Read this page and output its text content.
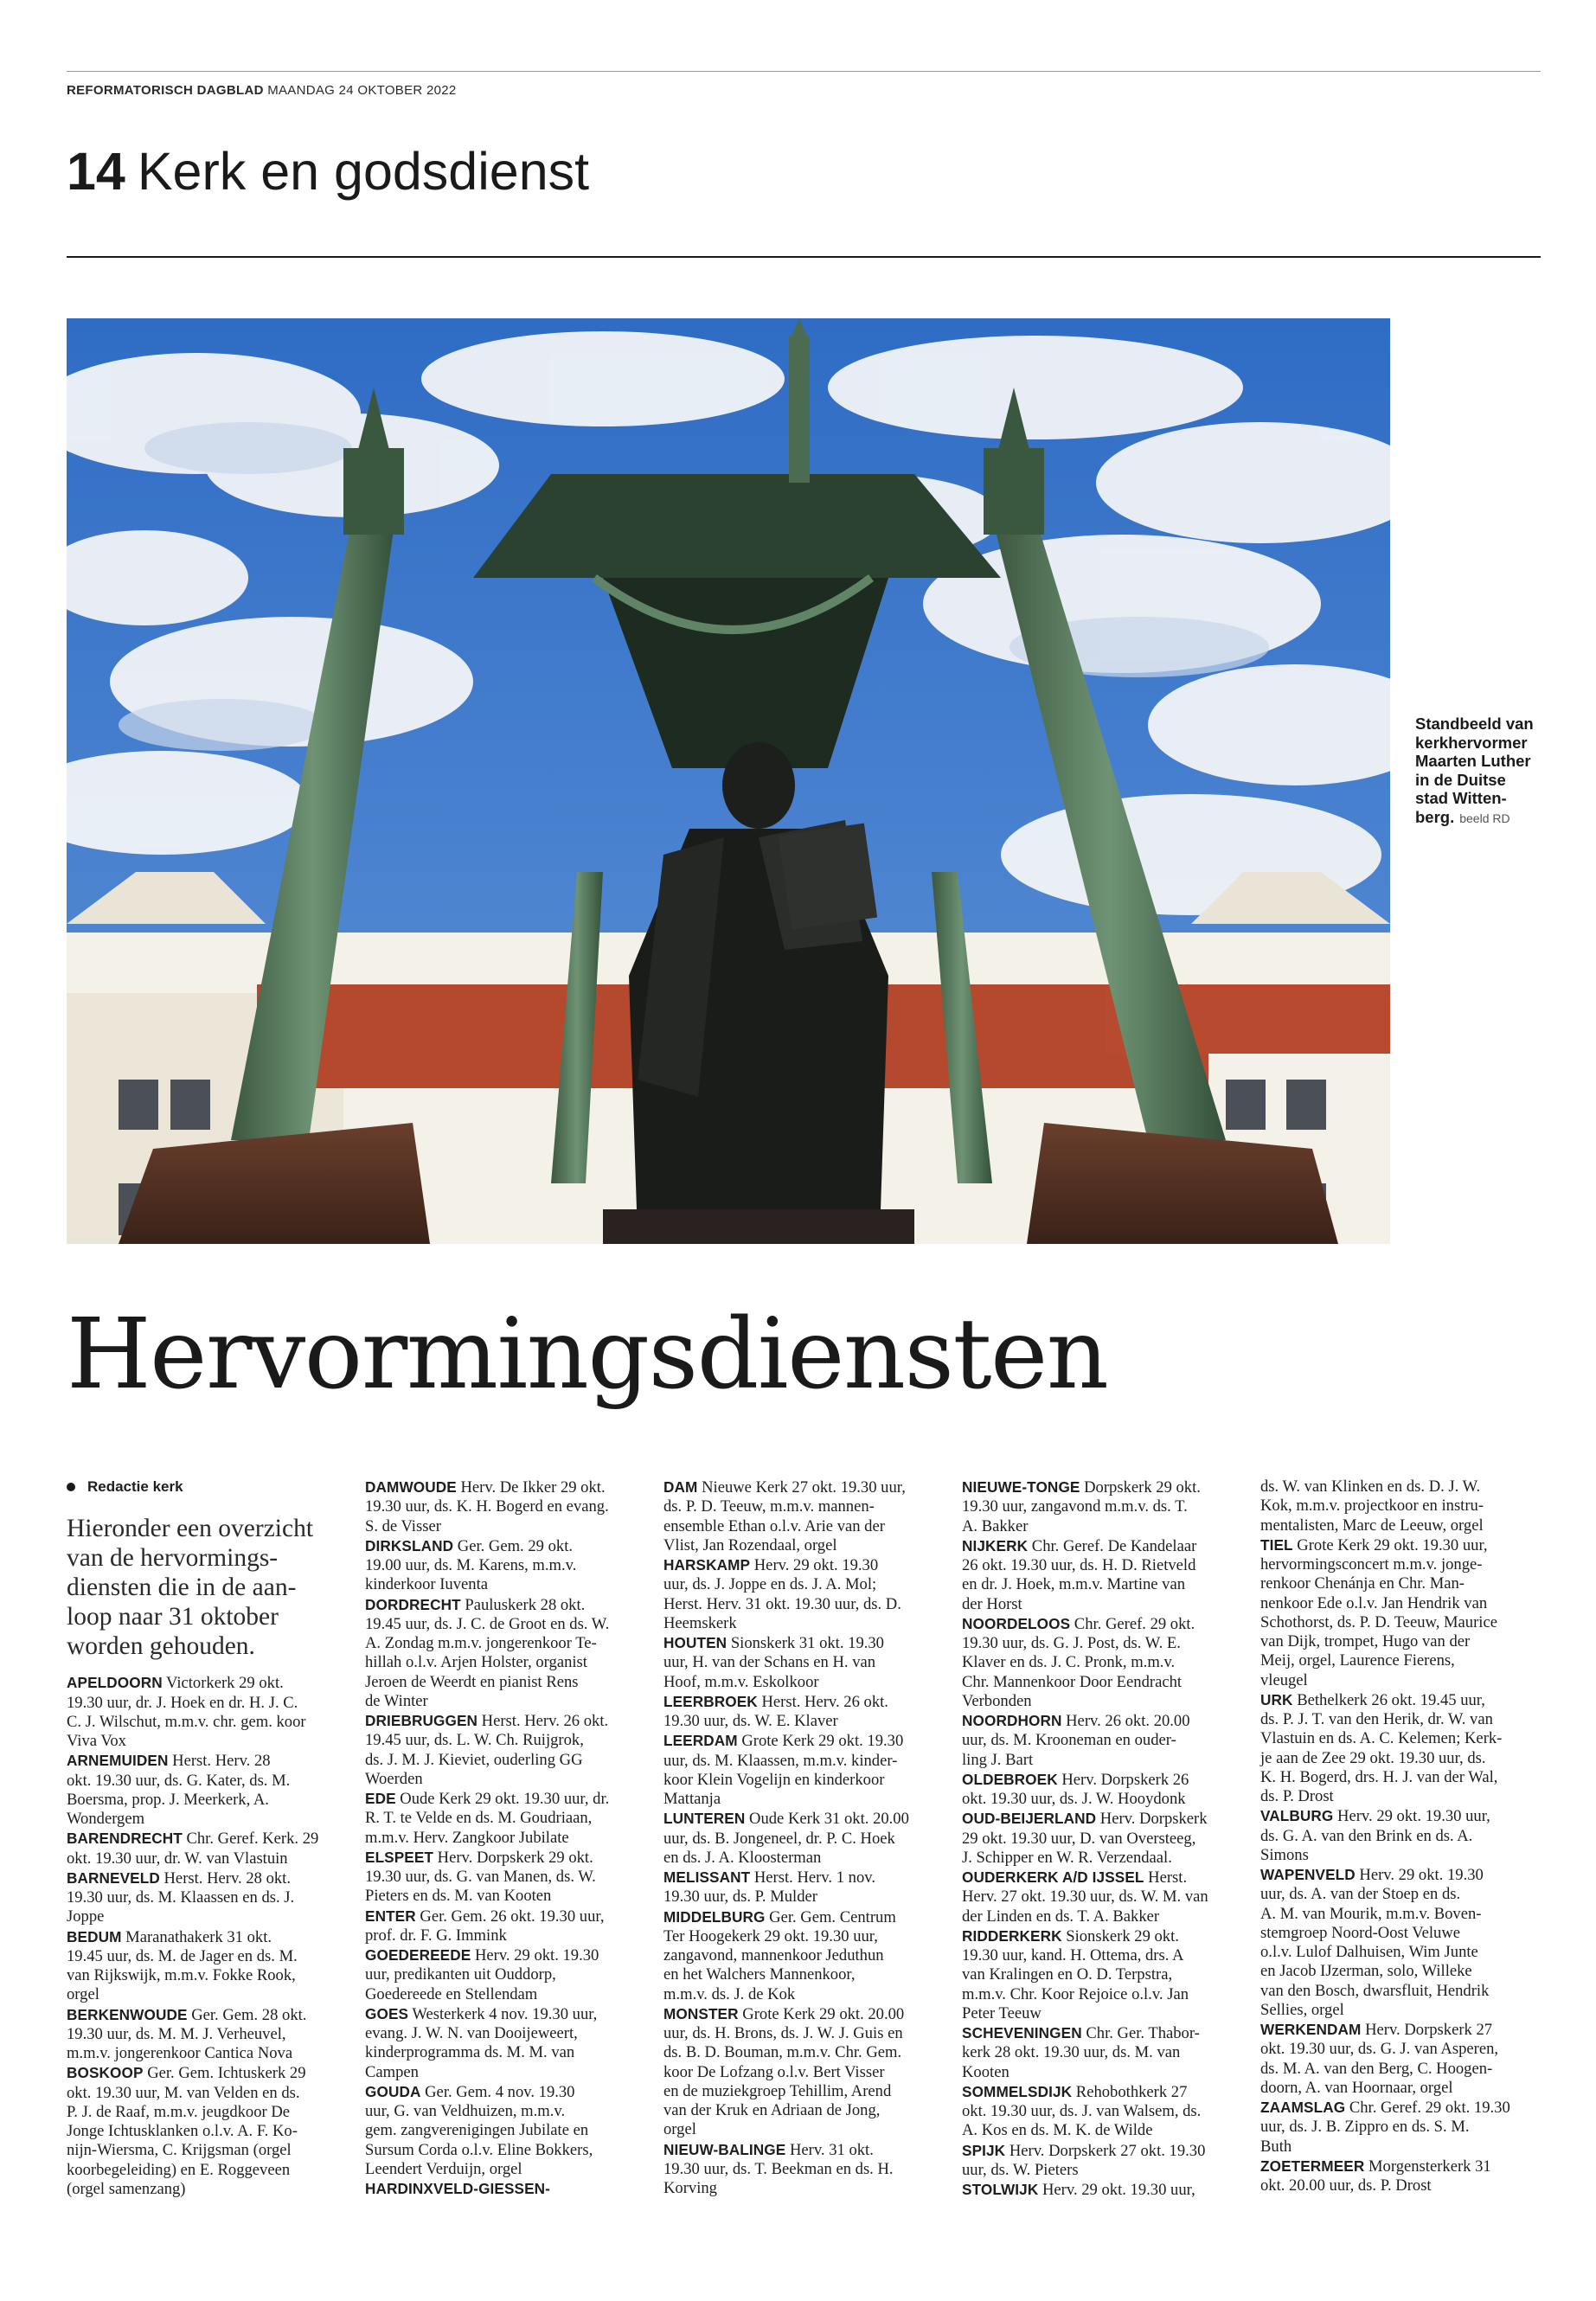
REFORMATORISCH DAGBLAD MAANDAG 24 OKTOBER 2022
14 Kerk en godsdienst
Standbeeld van
kerkhervormer
Maarten Luther
in de Duitse
stad Witten-
berg. beeld RD
Hervormingsdiensten
Redactie kerk
Hieronder een overzicht
van de hervormings-
diensten die in de aan-
loop naar 31 oktober
worden gehouden.
APELDOORN Victorkerk 29 okt.
19.30 uur, dr. J. Hoek en dr. H. J. C.
C. J. Wilschut, m.m.v. chr. gem. koor
Viva Vox
ARNEMUIDEN Herst. Herv. 28
okt. 19.30 uur, ds. G. Kater, ds. M.
Boersma, prop. J. Meerkerk, A.
Wondergem
BARENDRECHT Chr. Geref. Kerk. 29
okt. 19.30 uur, dr. W. van Vlastuin
BARNEVELD Herst. Herv. 28 okt.
19.30 uur, ds. M. Klaassen en ds. J.
Joppe
BEDUM Maranathakerk 31 okt.
19.45 uur, ds. M. de Jager en ds. M.
van Rijkswijk, m.m.v. Fokke Rook,
orgel
BERKENWOUDE Ger. Gem. 28 okt.
19.30 uur, ds. M. M. J. Verheuvel,
m.m.v. jongerenkoor Cantica Nova
BOSKOOP Ger. Gem. Ichtuskerk 29
okt. 19.30 uur, M. van Velden en ds.
P. J. de Raaf, m.m.v. jeugdkoor De
Jonge Ichtusklanken o.l.v. A. F. Ko-
nijn-Wiersma, C. Krijgsman (orgel
koorbegeleiding) en E. Roggeveen
(orgel samenzang)
DAMWOUDE Herv. De Ikker 29 okt.
19.30 uur, ds. K. H. Bogerd en evang.
S. de Visser
DIRKSLAND Ger. Gem. 29 okt.
19.00 uur, ds. M. Karens, m.m.v.
kinderkoor Iuventa
DORDRECHT Pauluskerk 28 okt.
19.45 uur, ds. J. C. de Groot en ds. W.
A. Zondag m.m.v. jongerenkoor Te-
hillah o.l.v. Arjen Holster, organist
Jeroen de Weerdt en pianist Rens
de Winter
DRIEBRUGGEN Herst. Herv. 26 okt.
19.45 uur, ds. L. W. Ch. Ruijgrok,
ds. J. M. J. Kieviet, ouderling GG
Woerden
EDE Oude Kerk 29 okt. 19.30 uur, dr.
R. T. te Velde en ds. M. Goudriaan,
m.m.v. Herv. Zangkoor Jubilate
ELSPEET Herv. Dorpskerk 29 okt.
19.30 uur, ds. G. van Manen, ds. W.
Pieters en ds. M. van Kooten
ENTER Ger. Gem. 26 okt. 19.30 uur,
prof. dr. F. G. Immink
GOEDEREEDE Herv. 29 okt. 19.30
uur, predikanten uit Ouddorp,
Goedereede en Stellendam
GOES Westerkerk 4 nov. 19.30 uur,
evang. J. W. N. van Dooijeweert,
kinderprogramma ds. M. M. van
Campen
GOUDA Ger. Gem. 4 nov. 19.30
uur, G. van Veldhuizen, m.m.v.
gem. zangverenigingen Jubilate en
Sursum Corda o.l.v. Eline Bokkers,
Leendert Verduijn, orgel
HARDINXVELD-GIESSEN-
DAM Nieuwe Kerk 27 okt. 19.30 uur,
ds. P. D. Teeuw, m.m.v. mannen-
ensemble Ethan o.l.v. Arie van der
Vlist, Jan Rozendaal, orgel
HARSKAMP Herv. 29 okt. 19.30
uur, ds. J. Joppe en ds. J. A. Mol;
Herst. Herv. 31 okt. 19.30 uur, ds. D.
Heemskerk
HOUTEN Sionskerk 31 okt. 19.30
uur, H. van der Schans en H. van
Hoof, m.m.v. Eskolkoor
LEERBROEK Herst. Herv. 26 okt.
19.30 uur, ds. W. E. Klaver
LEERDAM Grote Kerk 29 okt. 19.30
uur, ds. M. Klaassen, m.m.v. kinder-
koor Klein Vogelijn en kinderkoor
Mattanja
LUNTEREN Oude Kerk 31 okt. 20.00
uur, ds. B. Jongeneel, dr. P. C. Hoek
en ds. J. A. Kloosterman
MELISSANT Herst. Herv. 1 nov.
19.30 uur, ds. P. Mulder
MIDDELBURG Ger. Gem. Centrum
Ter Hoogekerk 29 okt. 19.30 uur,
zangavond, mannenkoor Jeduthun
en het Walchers Mannenkoor,
m.m.v. ds. J. de Kok
MONSTER Grote Kerk 29 okt. 20.00
uur, ds. H. Brons, ds. J. W. J. Guis en
ds. B. D. Bouman, m.m.v. Chr. Gem.
koor De Lofzang o.l.v. Bert Visser
en de muziekgroep Tehillim, Arend
van der Kruk en Adriaan de Jong,
orgel
NIEUW-BALINGE Herv. 31 okt.
19.30 uur, ds. T. Beekman en ds. H.
Korving
NIEUWE-TONGE Dorpskerk 29 okt.
19.30 uur, zangavond m.m.v. ds. T.
A. Bakker
NIJKERK Chr. Geref. De Kandelaar
26 okt. 19.30 uur, ds. H. D. Rietveld
en dr. J. Hoek, m.m.v. Martine van
der Horst
NOORDELOOS Chr. Geref. 29 okt.
19.30 uur, ds. G. J. Post, ds. W. E.
Klaver en ds. J. C. Pronk, m.m.v.
Chr. Mannenkoor Door Eendracht
Verbonden
NOORDHORN Herv. 26 okt. 20.00
uur, ds. M. Krooneman en ouder-
ling J. Bart
OLDEBROEK Herv. Dorpskerk 26
okt. 19.30 uur, ds. J. W. Hooydonk
OUD-BEIJERLAND Herv. Dorpskerk
29 okt. 19.30 uur, D. van Oversteeg,
J. Schipper en W. R. Verzendaal.
OUDERKERK A/D IJSSEL Herst.
Herv. 27 okt. 19.30 uur, ds. W. M. van
der Linden en ds. T. A. Bakker
RIDDERKERK Sionskerk 29 okt.
19.30 uur, kand. H. Ottema, drs. A
van Kralingen en O. D. Terpstra,
m.m.v. Chr. Koor Rejoice o.l.v. Jan
Peter Teeuw
SCHEVENINGEN Chr. Ger. Thabor-
kerk 28 okt. 19.30 uur, ds. M. van
Kooten
SOMMELSDIJK Rehobothkerk 27
okt. 19.30 uur, ds. J. van Walsem, ds.
A. Kos en ds. M. K. de Wilde
SPIJK Herv. Dorpskerk 27 okt. 19.30
uur, ds. W. Pieters
STOLWIJK Herv. 29 okt. 19.30 uur,
ds. W. van Klinken en ds. D. J. W.
Kok, m.m.v. projectkoor en instru-
mentalisten, Marc de Leeuw, orgel
TIEL Grote Kerk 29 okt. 19.30 uur,
hervormingsconcert m.m.v. jonge-
renkoor Chenánja en Chr. Man-
nenkoor Ede o.l.v. Jan Hendrik van
Schothorst, ds. P. D. Teeuw, Maurice
van Dijk, trompet, Hugo van der
Meij, orgel, Laurence Fierens,
vleugel
URK Bethelkerk 26 okt. 19.45 uur,
ds. P. J. T. van den Herik, dr. W. van
Vlastuin en ds. A. C. Kelemen; Kerk-
je aan de Zee 29 okt. 19.30 uur, ds.
K. H. Bogerd, drs. H. J. van der Wal,
ds. P. Drost
VALBURG Herv. 29 okt. 19.30 uur,
ds. G. A. van den Brink en ds. A.
Simons
WAPENVELD Herv. 29 okt. 19.30
uur, ds. A. van der Stoep en ds.
A. M. van Mourik, m.m.v. Boven-
stemgroep Noord-Oost Veluwe
o.l.v. Lulof Dalhuisen, Wim Junte
en Jacob IJzerman, solo, Willeke
van den Bosch, dwarsfluit, Hendrik
Sellies, orgel
WERKENDAM Herv. Dorpskerk 27
okt. 19.30 uur, ds. G. J. van Asperen,
ds. M. A. van den Berg, C. Hoogen-
doorn, A. van Hoornaar, orgel
ZAAMSLAG Chr. Geref. 29 okt. 19.30
uur, ds. J. B. Zippro en ds. S. M.
Buth
ZOETERMEER Morgensterkerk 31
okt. 20.00 uur, ds. P. Drost
